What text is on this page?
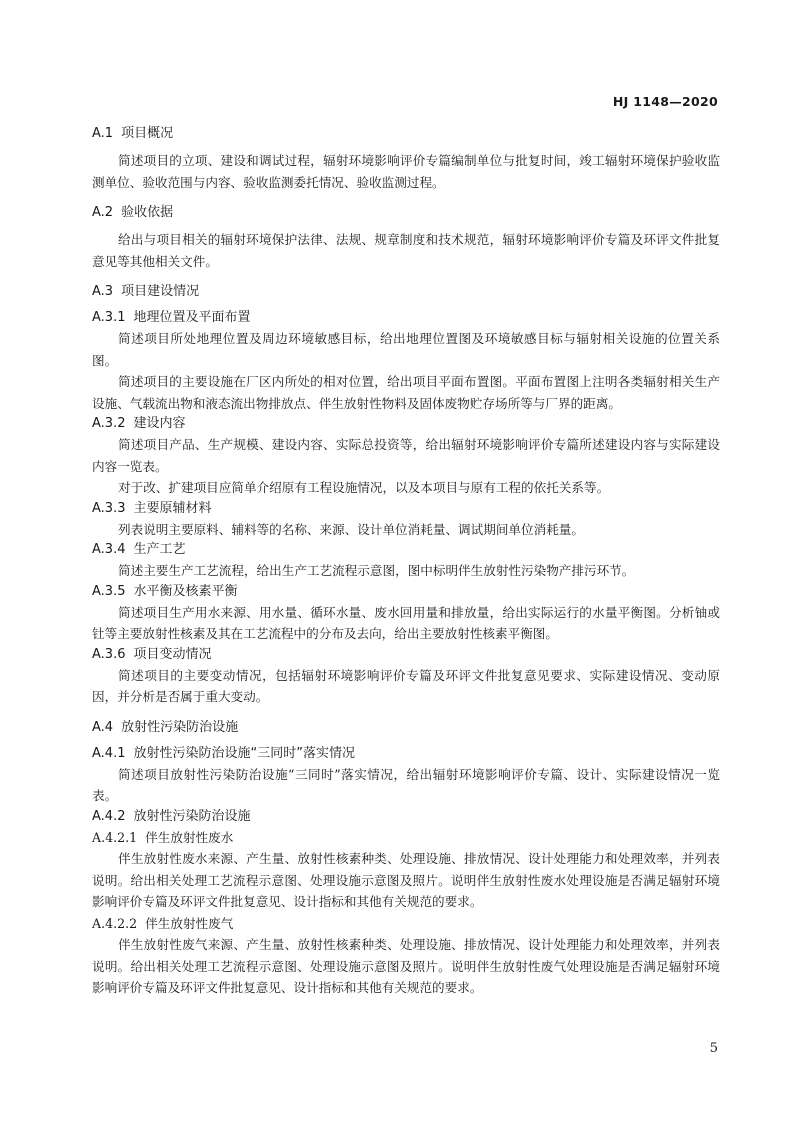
HJ 1148—2020
A.1 项目概况

简述项目的立项、建设和调试过程，辐射环境影响评价专篇编制单位与批复时间，竣工辐射环境保护验收监测单位、验收范围与内容、验收监测委托情况、验收监测过程。

A.2 验收依据

给出与项目相关的辐射环境保护法律、法规、规章制度和技术规范，辐射环境影响评价专篇及环评文件批复意见等其他相关文件。

A.3 项目建设情况
A.3.1 地理位置及平面布置

简述项目所处地理位置及周边环境敏感目标，给出地理位置图及环境敏感目标与辐射相关设施的位置关系图。

简述项目的主要设施在厂区内所处的相对位置，给出项目平面布置图。平面布置图上注明各类辐射相关生产设施、气载流出物和液态流出物排放点、伴生放射性物料及固体废物贮存场所等与厂界的距离。

A.3.2 建设内容

简述项目产品、生产规模、建设内容、实际总投资等，给出辐射环境影响评价专篇所述建设内容与实际建设内容一览表。

对于改、扩建项目应简单介绍原有工程设施情况，以及本项目与原有工程的依托关系等。

A.3.3 主要原辅材料

列表说明主要原料、辅料等的名称、来源、设计单位消耗量、调试期间单位消耗量。

A.3.4 生产工艺

简述主要生产工艺流程，给出生产工艺流程示意图，图中标明伴生放射性污染物产排污环节。

A.3.5 水平衡及核素平衡

简述项目生产用水来源、用水量、循环水量、废水回用量和排放量，给出实际运行的水量平衡图。分析铀或钍等主要放射性核素及其在工艺流程中的分布及去向，给出主要放射性核素平衡图。

A.3.6 项目变动情况

简述项目的主要变动情况，包括辐射环境影响评价专篇及环评文件批复意见要求、实际建设情况、变动原因，并分析是否属于重大变动。

A.4 放射性污染防治设施
A.4.1 放射性污染防治设施“三同时”落实情况

简述项目放射性污染防治设施“三同时”落实情况，给出辐射环境影响评价专篇、设计、实际建设情况一览表。

A.4.2 放射性污染防治设施
A.4.2.1 伴生放射性废水

伴生放射性废水来源、产生量、放射性核素种类、处理设施、排放情况、设计处理能力和处理效率，并列表说明。给出相关处理工艺流程示意图、处理设施示意图及照片。说明伴生放射性废水处理设施是否满足辐射环境影响评价专篇及环评文件批复意见、设计指标和其他有关规范的要求。

A.4.2.2 伴生放射性废气

伴生放射性废气来源、产生量、放射性核素种类、处理设施、排放情况、设计处理能力和处理效率，并列表说明。给出相关处理工艺流程示意图、处理设施示意图及照片。说明伴生放射性废气处理设施是否满足辐射环境影响评价专篇及环评文件批复意见、设计指标和其他有关规范的要求。

5
